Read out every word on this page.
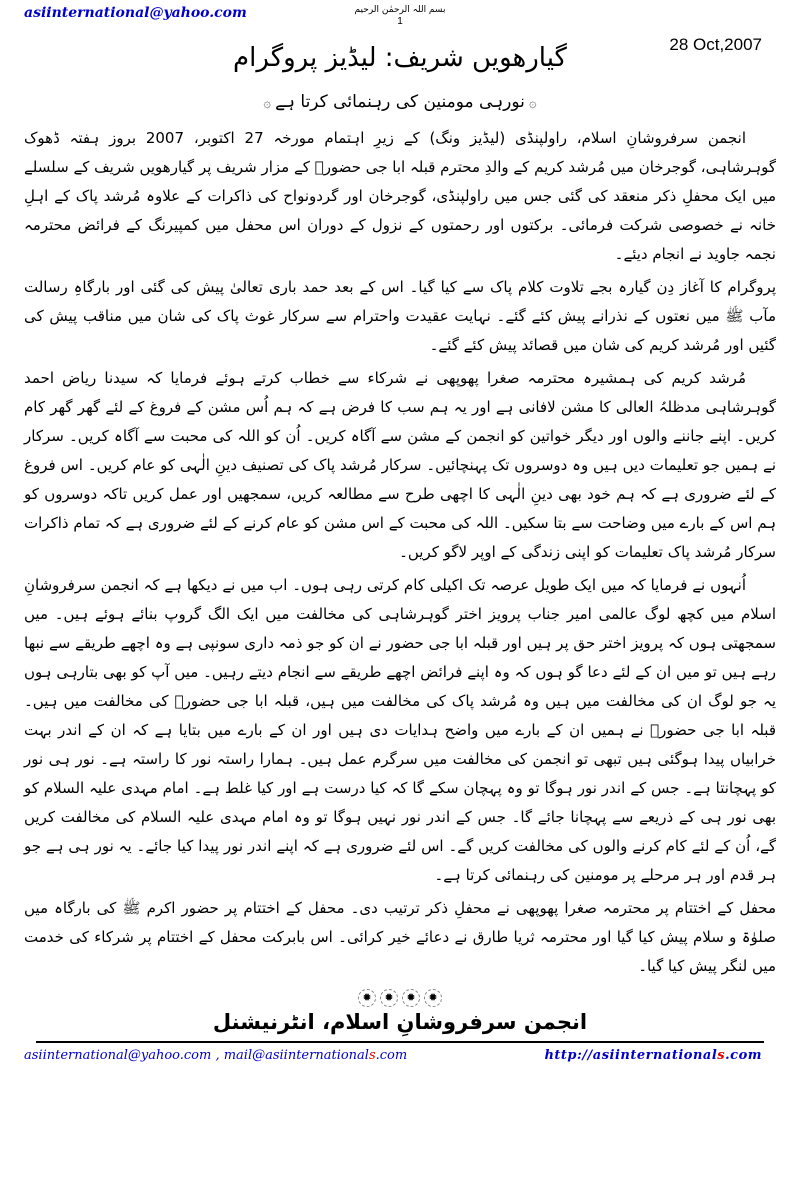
asiinternational@yahoo.com	بسم اللہ الرحمٰن الرحیم
1
گیارھویں شریف: لیڈیز پروگرام	28 Oct,2007
۞نورہی مومنین کی رہنمائی کرتا ہے۞

انجمن سرفروشانِ اسلام، راولپنڈی (لیڈیز ونگ) کے زیرِ اہتمام مورخہ 27 اکتوبر، 2007 بروز ہفتہ ڈھوک گوہرشاہی، گوجرخان میں مُرشد کریم کے والدِ محترم قبلہ ابا جی حضورؒ کے مزار شریف پر گیارھویں شریف کے سلسلے میں ایک محفلِ ذکر منعقد کی گئی جس میں راولپنڈی، گوجرخان اور گردونواح کی ذاکرات کے علاوہ مُرشد پاک کے اہلِ خانہ نے خصوصی شرکت فرمائی۔ برکتوں اور رحمتوں کے نزول کے دوران اس محفل میں کمپیرنگ کے فرائض محترمہ نجمہ جاوید نے انجام دیئے۔

پروگرام کا آغاز دِن گیارہ بجے تلاوت کلام پاک سے کیا گیا۔ اس کے بعد حمد باری تعالیٰ پیش کی گئی اور بارگاہِ رسالت مآب ﷺ میں نعتوں کے نذرانے پیش کئے گئے۔ نہایت عقیدت واحترام سے سرکار غوث پاک کی شان میں مناقب پیش کی گئیں اور مُرشد کریم کی شان میں قصائد پیش کئے گئے۔

مُرشد کریم کی ہمشیرہ محترمہ صغرا پھوپھی نے شرکاء سے خطاب کرتے ہوئے فرمایا کہ سیدنا ریاض احمد گوہرشاہی مدظلہُ العالی کا مشن لافانی ہے اور یہ ہم سب کا فرض ہے کہ ہم اُس مشن کے فروغ کے لئے گھر گھر کام کریں۔ اپنے جاننے والوں اور دیگر خواتین کو انجمن کے مشن سے آگاہ کریں۔ اُن کو اللہ کی محبت سے آگاہ کریں۔ سرکار نے ہمیں جو تعلیمات دیں ہیں وہ دوسروں تک پہنچائیں۔ سرکار مُرشد پاک کی تصنیف دینِ الٰہی کو عام کریں۔ اس فروغ کے لئے ضروری ہے کہ ہم خود بھی دینِ الٰہی کا اچھی طرح سے مطالعہ کریں، سمجھیں اور عمل کریں تاکہ دوسروں کو ہم اس کے بارے میں وضاحت سے بتا سکیں۔ اللہ کی محبت کے اس مشن کو عام کرنے کے لئے ضروری ہے کہ تمام ذاکرات سرکار مُرشد پاک تعلیمات کو اپنی زندگی کے اوپر لاگو کریں۔

اُنہوں نے فرمایا کہ میں ایک طویل عرصہ تک اکیلی کام کرتی رہی ہوں۔ اب میں نے دیکھا ہے کہ انجمن سرفروشانِ اسلام میں کچھ لوگ عالمی امیر جناب پرویز اختر گوہرشاہی کی مخالفت میں ایک الگ گروپ بنائے ہوئے ہیں۔ میں سمجھتی ہوں کہ پرویز اختر حق پر ہیں اور قبلہ ابا جی حضور نے ان کو جو ذمہ داری سونپی ہے وہ اچھے طریقے سے نبھا رہے ہیں تو میں ان کے لئے دعا گو ہوں کہ وہ اپنے فرائض اچھے طریقے سے انجام دیتے رہیں۔ میں آپ کو بھی بتارہی ہوں یہ جو لوگ ان کی مخالفت میں ہیں وہ مُرشد پاک کی مخالفت میں ہیں، قبلہ ابا جی حضورؒ کی مخالفت میں ہیں۔ قبلہ ابا جی حضورؒ نے ہمیں ان کے بارے میں واضح ہدایات دی ہیں اور ان کے بارے میں بتایا ہے کہ ان کے اندر بہت خرابیاں پیدا ہوگئی ہیں تبھی تو انجمن کی مخالفت میں سرگرم عمل ہیں۔ ہمارا راستہ نور کا راستہ ہے۔ نور ہی نور کو پہچانتا ہے۔ جس کے اندر نور ہوگا تو وہ پہچان سکے گا کہ کیا درست ہے اور کیا غلط ہے۔ امام مہدی علیہ السلام کو بھی نور ہی کے ذریعے سے پہچانا جائے گا۔ جس کے اندر نور نہیں ہوگا تو وہ امام مہدی علیہ السلام کی مخالفت کریں گے، اُن کے لئے کام کرنے والوں کی مخالفت کریں گے۔ اس لئے ضروری ہے کہ اپنے اندر نور پیدا کیا جائے۔ یہ نور ہی ہے جو ہر قدم اور ہر مرحلے پر مومنین کی رہنمائی کرتا ہے۔

محفل کے اختتام پر محترمہ صغرا پھوپھی نے محفلِ ذکر ترتیب دی۔ محفل کے اختتام پر حضور اکرم ﷺ کی بارگاہ میں صلوٰۃ و سلام پیش کیا گیا اور محترمہ ثریا طارق نے دعائے خیر کرائی۔ اس بابرکت محفل کے اختتام پر شرکاء کی خدمت میں لنگر پیش کیا گیا۔

✹ ✹ ✹ ✹
انجمن سرفروشانِ اسلام، انٹرنیشنل
asiinternational@yahoo.com , mail@asiinternationals.com	http://asiinternationals.com
